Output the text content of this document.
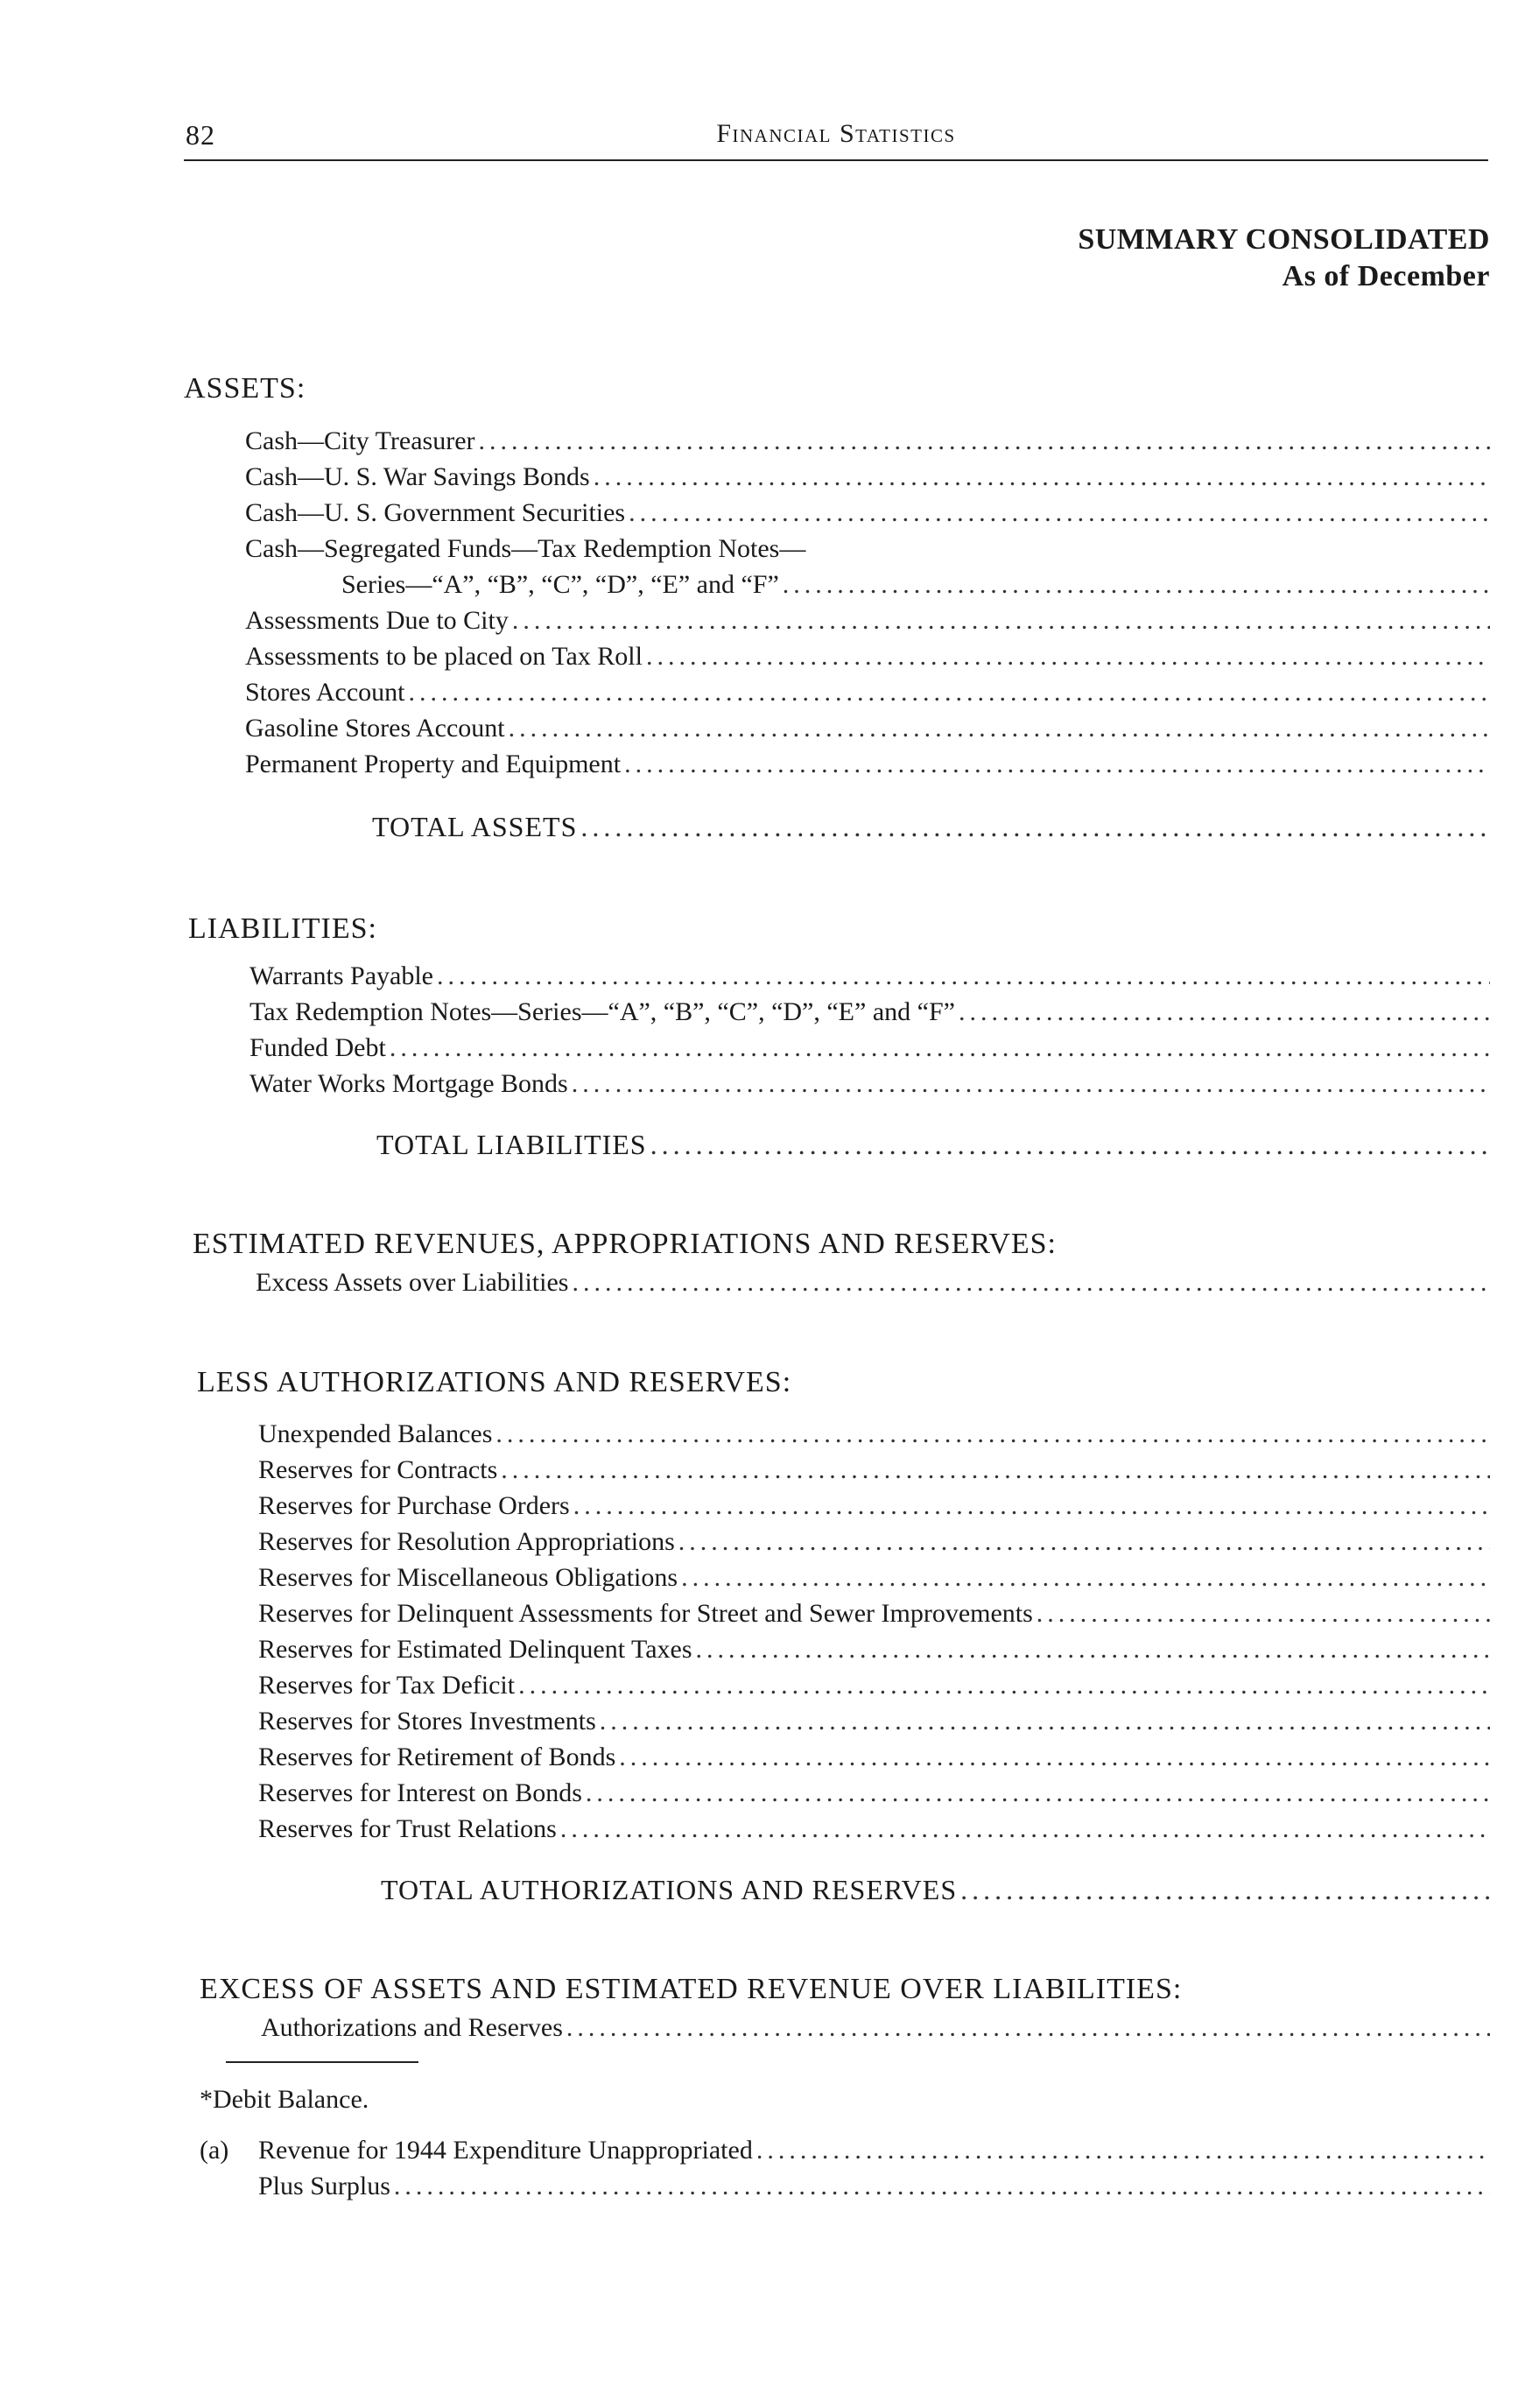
82	Financial Statistics
SUMMARY CONSOLIDATED
As of December
ASSETS:
Cash—City Treasurer
.....
Cash—U. S. War Savings Bonds
.....
Cash—U. S. Government Securities
.....
Cash—Segregated Funds—Tax Redemption Notes—
Series—“A”, “B”, “C”, “D”, “E” and “F”
.....
Assessments Due to City
.....
Assessments to be placed on Tax Roll
.....
Stores Account
.....
Gasoline Stores Account
.....
Permanent Property and Equipment
.....
TOTAL ASSETS
.....
LIABILITIES:
Warrants Payable
.....
Tax Redemption Notes—Series—“A”, “B”, “C”, “D”, “E” and “F”
.....
Funded Debt
.....
Water Works Mortgage Bonds
.....
TOTAL LIABILITIES
.....
ESTIMATED REVENUES, APPROPRIATIONS AND RESERVES:
Excess Assets over Liabilities
.....
LESS AUTHORIZATIONS AND RESERVES:
Unexpended Balances
.....
Reserves for Contracts
.....
Reserves for Purchase Orders
.....
Reserves for Resolution Appropriations
.....
Reserves for Miscellaneous Obligations
.....
Reserves for Delinquent Assessments for Street and Sewer Improvements
.....
Reserves for Estimated Delinquent Taxes
.....
Reserves for Tax Deficit
.....
Reserves for Stores Investments
.....
Reserves for Retirement of Bonds
.....
Reserves for Interest on Bonds
.....
Reserves for Trust Relations
.....
TOTAL AUTHORIZATIONS AND RESERVES
.....
EXCESS OF ASSETS AND ESTIMATED REVENUE OVER LIABILITIES:
Authorizations and Reserves
.....
*Debit Balance.
(a) Revenue for 1944 Expenditure Unappropriated
.....
Plus Surplus
.....
